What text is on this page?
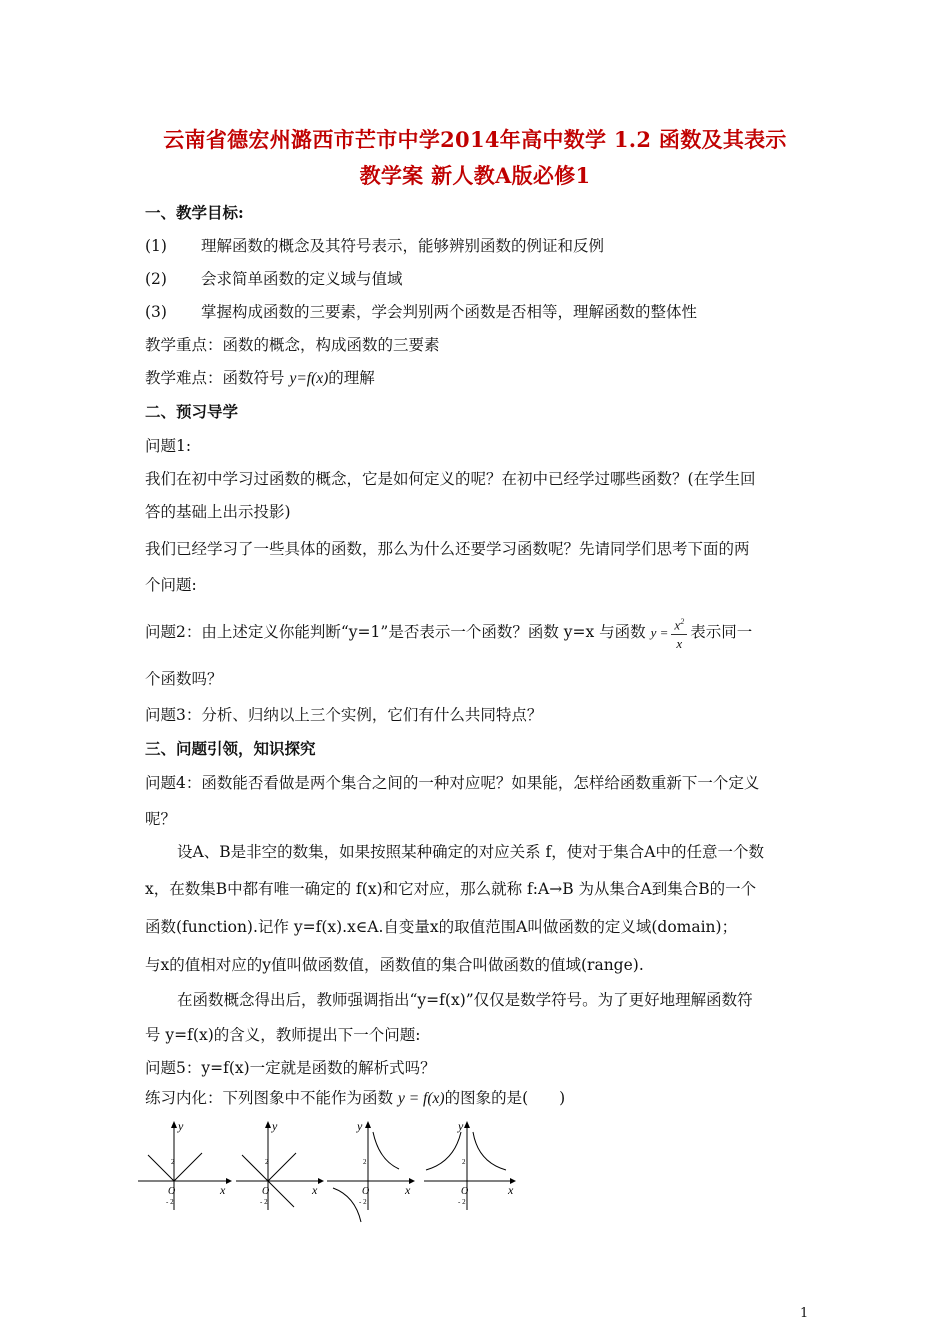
云南省德宏州潞西市芒市中学2014年高中数学 1.2 函数及其表示
教学案 新人教A版必修1
一、教学目标:
(1) 理解函数的概念及其符号表示，能够辨别函数的例证和反例
(2) 会求简单函数的定义域与值域
(3) 掌握构成函数的三要素，学会判别两个函数是否相等，理解函数的整体性
教学重点：函数的概念，构成函数的三要素
教学难点：函数符号 y=f(x)的理解
二、预习导学
问题1:
我们在初中学习过函数的概念，它是如何定义的呢？在初中已经学过哪些函数？(在学生回
答的基础上出示投影)
我们已经学习了一些具体的函数，那么为什么还要学习函数呢？先请同学们思考下面的两
个问题:
问题2：由上述定义你能判断“y=1”是否表示一个函数？函数 y=x 与函数 $y = \frac{x^2}{x}$ 表示同一
个函数吗？
问题3：分析、归纳以上三个实例，它们有什么共同特点？
三、问题引领，知识探究
问题4：函数能否看做是两个集合之间的一种对应呢？如果能，怎样给函数重新下一个定义
呢？
设A、B是非空的数集，如果按照某种确定的对应关系 f，使对于集合A中的任意一个数
x，在数集B中都有唯一确定的 f(x)和它对应，那么就称 f:A→B 为从集合A到集合B的一个
函数(function).记作 y=f(x).x∈A.自变量x的取值范围A叫做函数的定义域(domain)；
与x的值相对应的y值叫做函数值，函数值的集合叫做函数的值域(range).
在函数概念得出后，教师强调指出“y=f(x)”仅仅是数学符号。为了更好地理解函数符
号 y=f(x)的含义，教师提出下一个问题:
问题5：y=f(x)一定就是函数的解析式吗？
练习内化：下列图象中不能作为函数 y = f(x)的图象的是(　　)
y
x
O
2
- 2
y
x
O
2
- 2
y
x
O
2
- 2
y
x
O
2
- 2
1
